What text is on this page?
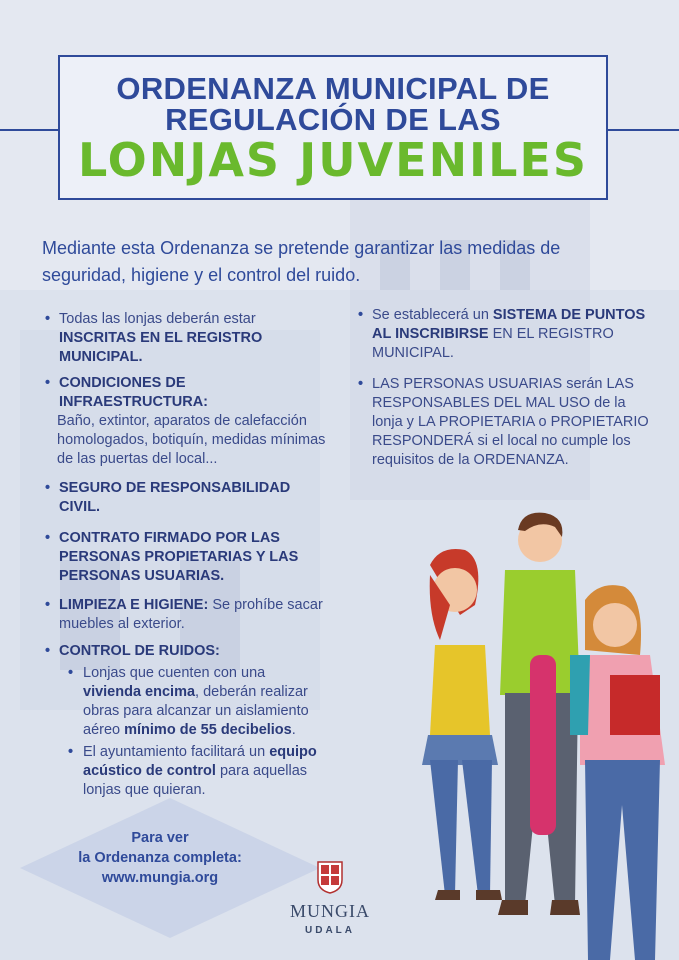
ORDENANZA MUNICIPAL DE
REGULACIÓN DE LAS
LONJAS JUVENILES

Mediante esta Ordenanza se pretende garantizar las medidas de seguridad, higiene y el control del ruido.

• Todas las lonjas deberán estar INSCRITAS EN EL REGISTRO MUNICIPAL.
• CONDICIONES DE INFRAESTRUCTURA:
Baño, extintor, aparatos de calefacción homologados, botiquín, medidas mínimas de las puertas del local...
• SEGURO DE RESPONSABILIDAD CIVIL.
• CONTRATO FIRMADO POR LAS PERSONAS PROPIETARIAS Y LAS PERSONAS USUARIAS.
• LIMPIEZA E HIGIENE: Se prohíbe sacar muebles al exterior.
• CONTROL DE RUIDOS:
• Lonjas que cuenten con una vivienda encima, deberán realizar obras para alcanzar un aislamiento aéreo mínimo de 55 decibelios.
• El ayuntamiento facilitará un equipo acústico de control para aquellas lonjas que quieran.
• Se establecerá un SISTEMA DE PUNTOS AL INSCRIBIRSE EN EL REGISTRO MUNICIPAL.
• LAS PERSONAS USUARIAS serán LAS RESPONSABLES DEL MAL USO de la lonja y LA PROPIETARIA o PROPIETARIO RESPONDERÁ si el local no cumple los requisitos de la ORDENANZA.
Para ver
la Ordenanza completa:
www.mungia.org
MUNGIA
UDALA
